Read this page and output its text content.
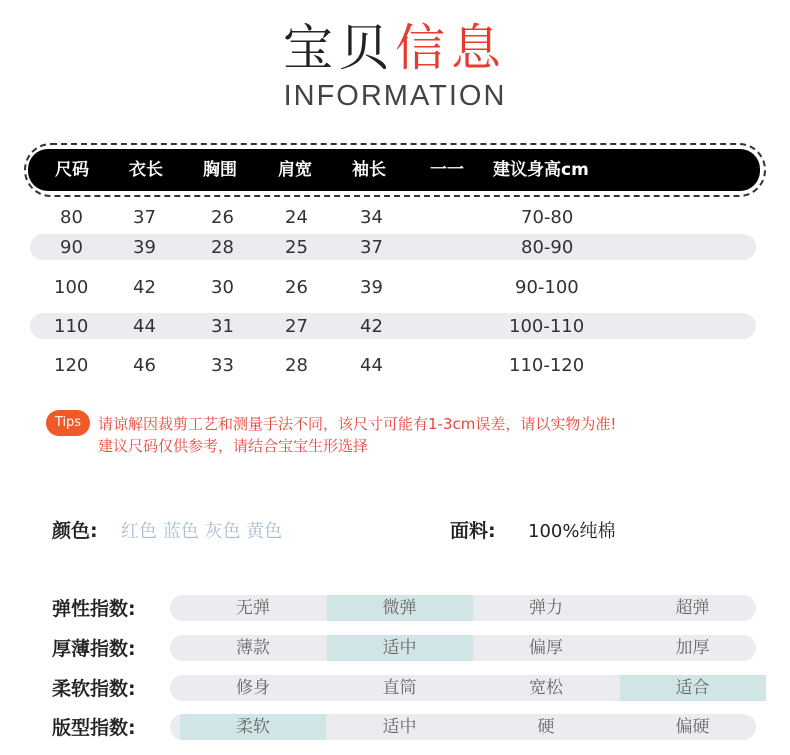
宝贝信息
INFORMATION
尺码 衣长 胸围 肩宽 袖长	一一 建议身高cm
80	37	26	24	34	70-80
90	39	28	25	37	80-90
100 42	30	26	39	90-100
110 44	31	27	42	100-110
120 46	33	28	44	110-120
Tips	请谅解因裁剪工艺和测量手法不同，该尺寸可能有1-3cm误差，请以实物为准!
建议尺码仅供参考，请结合宝宝生形选择
颜色: 红色 蓝色 灰色 黄色	面料: 100%纯棉
弹性指数:	无弹	微弹	弹力	超弹
厚薄指数:	薄款	适中	偏厚	加厚
柔软指数:	修身	直筒	宽松	适合
版型指数:	柔软	适中	硬	偏硬
